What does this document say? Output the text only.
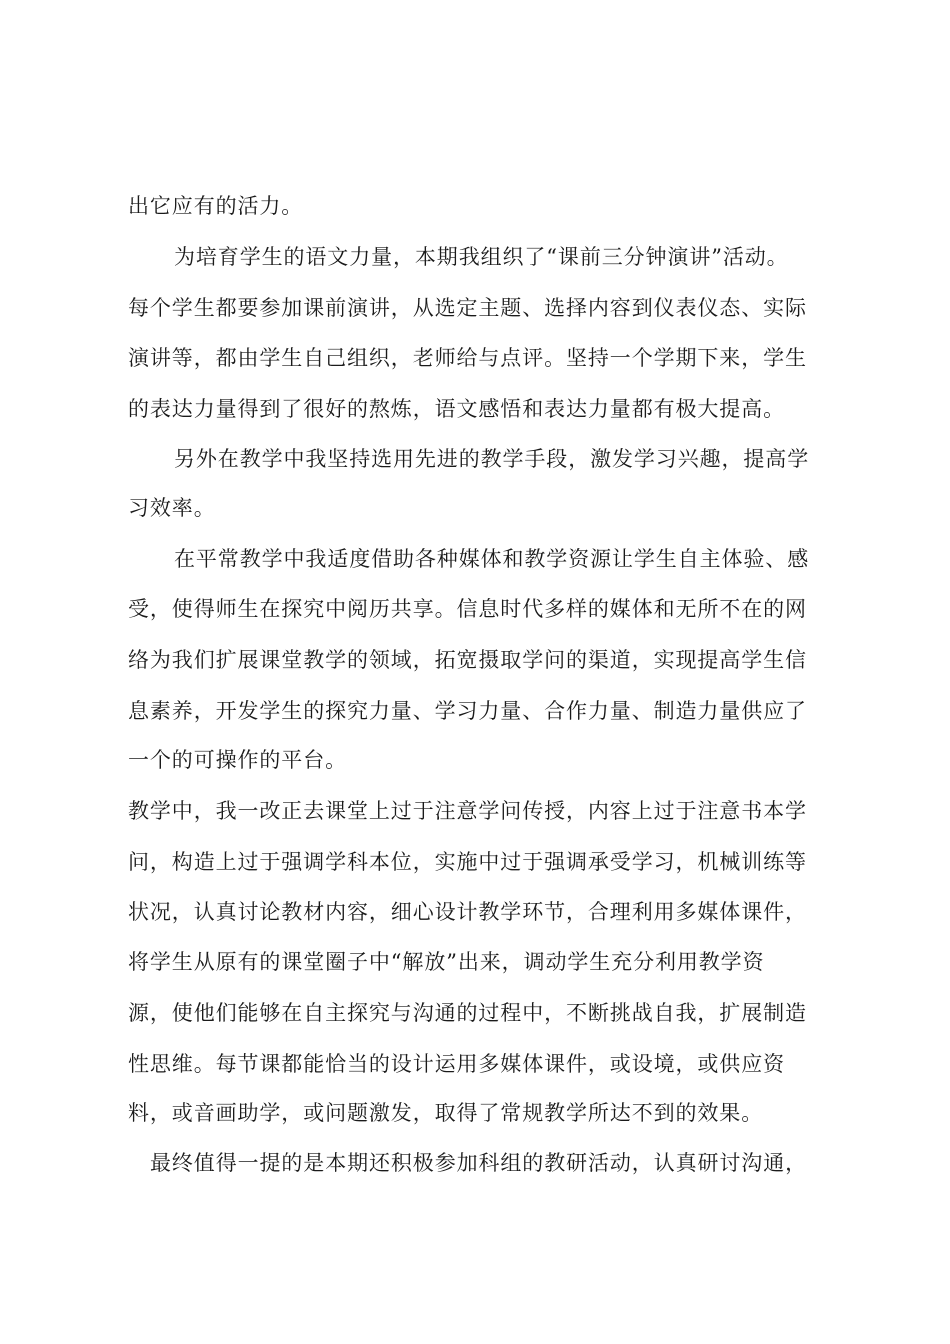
出它应有的活力。
为培育学生的语文力量，本期我组织了“课前三分钟演讲”活动。
每个学生都要参加课前演讲，从选定主题、选择内容到仪表仪态、实际
演讲等，都由学生自己组织，老师给与点评。坚持一个学期下来，学生
的表达力量得到了很好的熬炼，语文感悟和表达力量都有极大提高。
另外在教学中我坚持选用先进的教学手段，激发学习兴趣，提高学
习效率。
在平常教学中我适度借助各种媒体和教学资源让学生自主体验、感
受，使得师生在探究中阅历共享。信息时代多样的媒体和无所不在的网
络为我们扩展课堂教学的领域，拓宽摄取学问的渠道，实现提高学生信
息素养，开发学生的探究力量、学习力量、合作力量、制造力量供应了
一个的可操作的平台。
教学中，我一改正去课堂上过于注意学问传授，内容上过于注意书本学
问，构造上过于强调学科本位，实施中过于强调承受学习，机械训练等
状况，认真讨论教材内容，细心设计教学环节，合理利用多媒体课件，
将学生从原有的课堂圈子中“解放”出来，调动学生充分利用教学资
源，使他们能够在自主探究与沟通的过程中，不断挑战自我，扩展制造
性思维。每节课都能恰当的设计运用多媒体课件，或设境，或供应资
料，或音画助学，或问题激发，取得了常规教学所达不到的效果。
最终值得一提的是本期还积极参加科组的教研活动，认真研讨沟通，
